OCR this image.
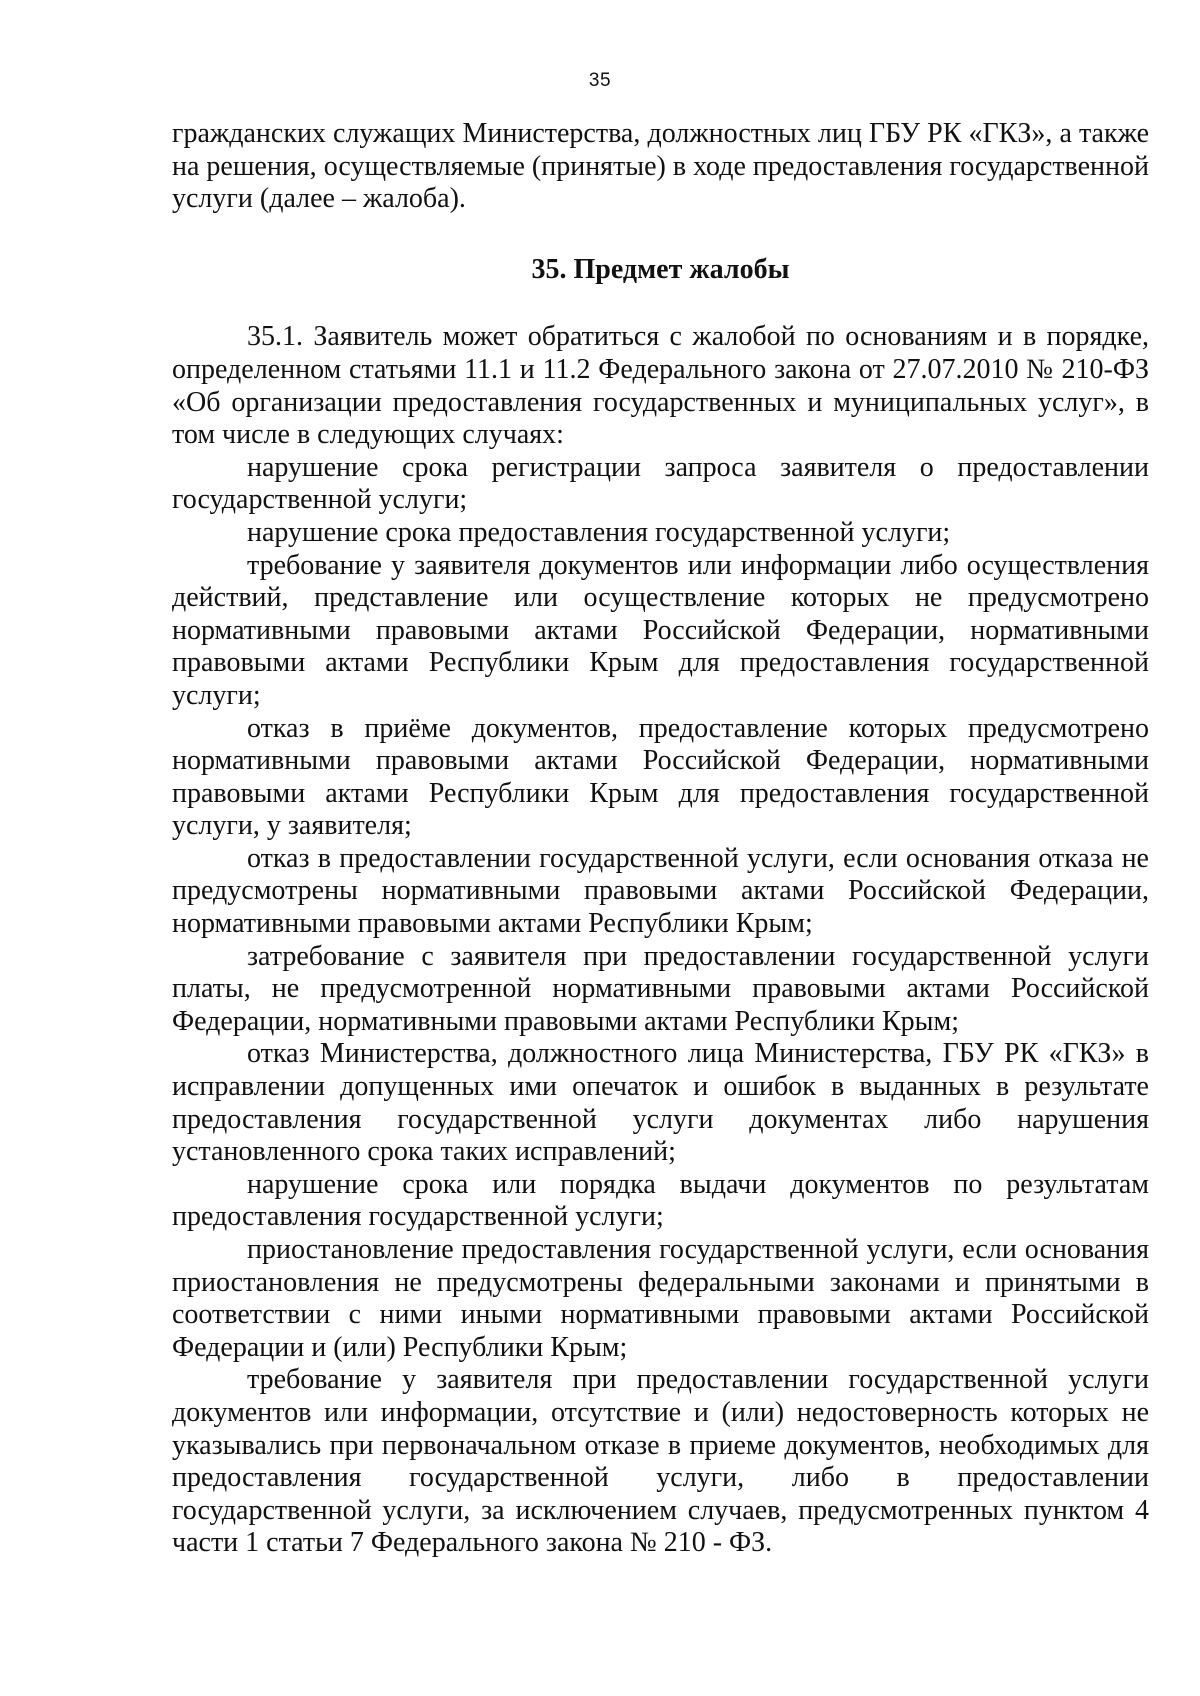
35

гражданских служащих Министерства, должностных лиц ГБУ РК «ГКЗ», а также на решения, осуществляемые (принятые) в ходе предоставления государственной услуги (далее – жалоба).

35. Предмет жалобы

35.1. Заявитель может обратиться с жалобой по основаниям и в порядке, определенном статьями 11.1 и 11.2 Федерального закона от 27.07.2010 № 210-ФЗ «Об организации предоставления государственных и муниципальных услуг», в том числе в следующих случаях:

нарушение срока регистрации запроса заявителя о предоставлении государственной услуги;

нарушение срока предоставления государственной услуги;

требование у заявителя документов или информации либо осуществления действий, представление или осуществление которых не предусмотрено нормативными правовыми актами Российской Федерации, нормативными правовыми актами Республики Крым для предоставления государственной услуги;

отказ в приёме документов, предоставление которых предусмотрено нормативными правовыми актами Российской Федерации, нормативными правовыми актами Республики Крым для предоставления государственной услуги, у заявителя;

отказ в предоставлении государственной услуги, если основания отказа не предусмотрены нормативными правовыми актами Российской Федерации, нормативными правовыми актами Республики Крым;

затребование с заявителя при предоставлении государственной услуги платы, не предусмотренной нормативными правовыми актами Российской Федерации, нормативными правовыми актами Республики Крым;

отказ Министерства, должностного лица Министерства, ГБУ РК «ГКЗ» в исправлении допущенных ими опечаток и ошибок в выданных в результате предоставления государственной услуги документах либо нарушения установленного срока таких исправлений;

нарушение срока или порядка выдачи документов по результатам предоставления государственной услуги;

приостановление предоставления государственной услуги, если основания приостановления не предусмотрены федеральными законами и принятыми в соответствии с ними иными нормативными правовыми актами Российской Федерации и (или) Республики Крым;

требование у заявителя при предоставлении государственной услуги документов или информации, отсутствие и (или) недостоверность которых не указывались при первоначальном отказе в приеме документов, необходимых для предоставления государственной услуги, либо в предоставлении государственной услуги, за исключением случаев, предусмотренных пунктом 4 части 1 статьи 7 Федерального закона № 210 - ФЗ.
